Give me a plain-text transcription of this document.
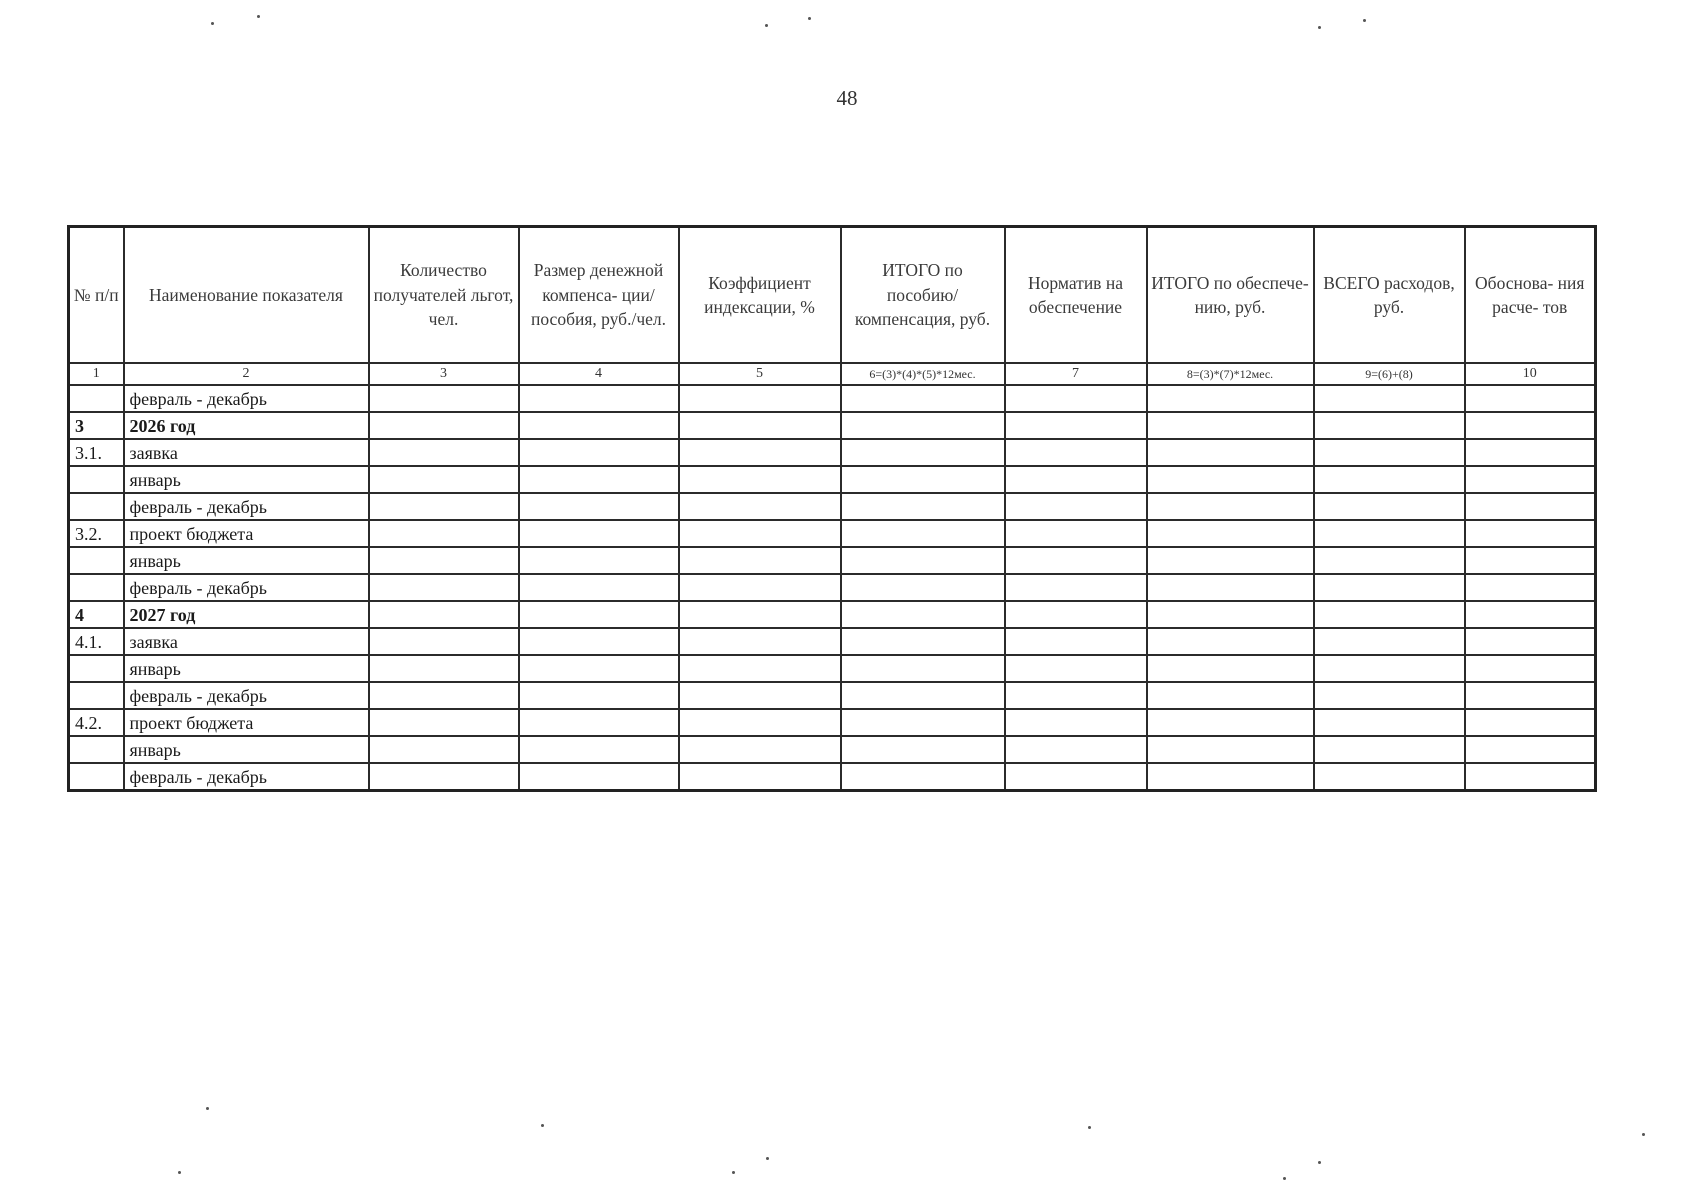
48
№ п/п	Наименование показателя	Количество получателей льгот, чел.	Размер денежной компенса- ции/пособия, руб./чел.	Коэффициент индексации, %	ИТОГО по пособию/ компенсация, руб.	Норматив на обеспечение	ИТОГО по обеспече- нию, руб.	ВСЕГО расходов, руб.	Обоснова- ния расче- тов
1	2	3	4	5	6=(3)*(4)*(5)*12мес.	7	8=(3)*(7)*12мес.	9=(6)+(8)	10
	февраль - декабрь								
3	2026 год								
3.1.	заявка								
	январь								
	февраль - декабрь								
3.2.	проект бюджета								
	январь								
	февраль - декабрь								
4	2027 год								
4.1.	заявка								
	январь								
	февраль - декабрь								
4.2.	проект бюджета								
	январь								
	февраль - декабрь								
